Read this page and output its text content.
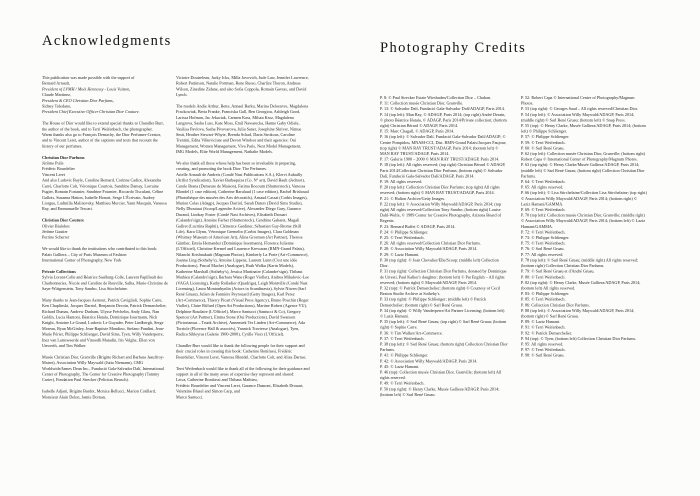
Acknowledgments
This publication was made possible with the support of
Bernard Arnault,
President of LVMH / Moët Hennessy - Louis Vuitton,
Claude Martinez,
President & CEO Christian Dior Parfums,
Sidney Toledano,
President Chief Executive Officer Christian Dior Couture.
The House of Dior would like to extend special thanks to Chandler Burr, the author of the book, and to Terri Weifenbach, the photographer.
Warm thanks also go to François Demachy, the Dior Perfumer-Creator, and to Vincent Leret, author of the captions and texts that recount the history of our perfumes.
Christian Dior Parfums
Jérôme Pulis
Frédéric Bourdelier
Vincent Leret
And also Ludovic Bayle, Caroline Bernard, Corinne Cadiot, Alexandra Carré, Charlotte Colt, Véronique Courtois, Sandrine Damay, Lorraine Fugier, Romain Fortanier, Sandrine Fournier, Riccardo Tisculani, Céline Gallois, Susanna Hatton, Isabelle Honart, Serge L'Écrivain, Audrey Liorgue, Ludmilla Malinovsky, Matthieu Mercier, Yann Masquin, Vanessa Ray, and Emmanuelle Tescari.
Christian Dior Couture
Olivier Bialobos
Jérôme Gautier
Perrine Scherrer
We would like to thank the institutions who contributed to this book:
Palais Galliera – City of Paris Museum of Fashion
International Center of Photography, New York
Private Collections
Sylvia Lorant-Colle and Béatrice Saalburg-Colle, Laurent Papillault des Charbonneries, Nicole and Caroline de Rouville, Salha, Marie-Christine de Sayn-Wittgenstein, Tony Sandro, Lisa Stirchelaine.
Many thanks to Jean-Jacques Aernout, Patrick Caviglioli, Sophie Carre, Ken Chaplinski, Jacques Darriol, Benjamin Decoin, Patrick Demarchelier, Richard Dumas, Andrew Durham, Ulysse Fréchelin, Andy Glass, Nan Goldin, Lucia Hantoni, Béatrice Hatala, Dominique Issermann, Nick Knight, Antoine Le Grand, Ludovic Le Guyader, Peter Lindbergh, Serge Moreau, Ryan McGinley, Jean-Baptiste Mondino, Stefano Pandini, Jean-Marie Périer, Philippe Schlienger, David Sims, Tyen, Willy Vanderperre, Inez van Lamsweerde and Vinoodh Matadin, Iris Velghe, Ellen von Unwerth, and Tim Walker.
Musée Christian Dior, Granville (Brigitte Richart and Barbara Jeauffroy-Mairet), Association Willy Maywald (Jutta Niemann), CMG Worldwide/James Dean Inc., Fundació Gala-Salvador Dalí, International Center of Photography, The Center for Creative Photography (Tammy Carter), Fondation Paul Strecker (Felicitas Reusch).
Isabelle Adjani, Brigitte Bardot, Monica Bellucci, Marion Cotillard, Monsieur Alain Delon, Jamie Dornan,
Victoire Doutreleau, Jacky Ickx, Milla Jovovich, Jude Law, Jennifer Lawrence, Robert Pattinson, Natalie Portman, Rene Russo, Charlize Theron, Andreas Wilson, Zinedine Zidane, and also Sofia Coppola, Romain Gavras, and David Lynch.
The models Andie Arthur, Bette, Annael Barku, Marina Deloeuvre, Magdalena Frackowiak, Berta Franke, Franciska Gall, Ben Georgiou, Ashleigh Good, Larissa Hofman, Jac Jekaciak, Carmen Kass, Miluta Kroz, Magdalena Langrova, Sasha Luss, Kate Moss, Emil Nawarecka, Hanne Gaby Odiele, Vasilisa Pavlova, Sasha Pivovarova, Julia Saner, Josephine Skriver, Nimue Smit, Heather Stewart-Whyte, Brenda Schad, Daria Strokous, Caroline Trentini, Edita Vilkeviciute and Devon Windsor and their agencies: Oui Management, Women Management, Viva Paris, Next Model Management, IMG Models, Elite World Management, Nathalie Models.
We also thank all those whose help has been so invaluable in preparing, creating, and promoting the book Dior: The Perfumes.
Arielle Arnault de Andreis (Condé Nast Publications S.A.), Klervi Aubailly (Artlist Syndication), Xavier Barbaquiza (Co. N° art), David Bault (Jedroot), Carole Brana (Demeure de Maison), Fatima Bocoum (Shutterstock), Vanessa Blondel (1 case edition), Catherine Barulaud (1 case edition), Rachel Brishoual (Photothèque des musées des Arts décoratifs), Arnaud Cassat (Corbis Images), Marion Colas (Adagp), Jacques Darriol, Sarah Duters (David Sims Studio), Nelly Dhoutaut (Scoop/Legendre Active), Alexander Diego Gary, Garance Durand, Lindsay Foster (Condé Nast Archives), Elisabeth Drouart (Calandre'sign), Antoine Farber (Shutterstock), Cendrine Gabaret, Magali Gallret (Lucrtina Raphti), Clémence Gardiner, Sébastien Guy-Brome (Still Life), Kara Glynn, Véronique Gremelin (Corbis Images), Clara Goldman (Whitney Museum of American Art), Alina Grosman (Art Partner), Therese Günther, Emria Hernandez (Dominique Issermann), Florence Julienne (L'Officiel), Christine Kermel and Laurence Krewaran (RMN-Grand Palais), Nilanchi Krishnakutti (Magnum Photos), Kimberly La Porte (Art+Commerce), Joanna Ling (Sotheby's), Antoine Lippens, Laurent Lunn (C'est une idée Productions), Pascal Machet (Analogue), Ruth Walku (Karin Models), Katherine Marshall (Sotheby's), Jessica Martinaire (Calandre'sign), Thibaut Mathieu (Calandre'sign), Barbara Wane (Roger Viollet), Andrea Mihalovic-Lee (VAGA Licensing), Kathy Rolladier (Quadriga), Leigh Montville (Condé Nast Licensing), Laura Montonbynlin (Actors in Scandinavia), Sylvie Niwen (Sarl René Gruau), Julien de Fannière Peyrouard (Getty Images), Karl Perez (Art+Commerce), Thierry Picart (Visual Press Agency), Bruno Pouchin (Roger Viollet), Claire Riffard (Open Art Productions), Martine Robert (Agence VU), Delphine Roudaire (L'Officiel), Marco Santucci (Santucci & Co), Gregory Spencer (Art Partner), Emma Stone (Oui Productions), David Swanson (Pictoriamus – Trunk Archive), Annemiek Ter Linden (Art+Commerce), Ada Torriole (Florence Hall & associés), Yannick Traviesse (Analogue), Tyen, Radica Sibleyras (Galerie 1900-2000), Cyrille Viers (L'Officiel).
Chandler Burr would like to thank the following people for their support and their crucial roles in creating this book: Catherine Bonifassi, Frédéric Bourdelier, Vincent Leret, Vanessa Blondel, Charlotte Colt, and Aliza Darnac.
Terri Weifenbach would like to thank all of the following for their guidance and support in all of the many areas of expertise they represent and shared:
Leica, Catherine Bonifassi and Thibaut Mathieu,
Frédéric Bourdelier and Vincent Leret, Garance Dumont, Elisabeth Drouart, Valentine Blazel and Simon Carp, and
Marco Santucci.
Photography Credits

P. 8: © Paul Strecker Estate Wiesbaden/Collection Dior – Chaban.

P. 11: Collection musée Christian Dior, Granville.

P. 13: © Salvador Dalí, Fundació Gala-Salvador Dalí/ADAGP, Paris 2014.

P. 14 (top left): Man Ray, © ADAGP, Paris 2014; (top right) André Derain, © photo Béatrice Hatala, © ADAGP, Paris 2014/Private collection; (bottom right) Christian Bérard © ADAGP, Paris 2014.

P. 15: Marc Chagall, © ADAGP, Paris 2014.

P. 16 (top left): © Salvador Dalí, Fundació Gala-Salvador Dalí/ADAGP; © Centre Pompidou, MNAM-CCI, Dist. RMN-Grand Palais/Jacques Faujour; (top right) © MAN RAY TRUST/ADAGP, Paris 2014; (bottom left) © MAN RAY TRUST/ADAGP, Paris 2014.

P. 17: Galerie 1900 – 2000 © MAN RAY TRUST/ADAGP, Paris 2014.

P. 18 (top left): All rights reserved; (top right) Christian Bérard © ADAGP, Paris 2014/Collection Christian Dior Parfums; (bottom right) © Salvador Dalí, Fundació Gala-Salvador Dalí/ADAGP, Paris 2014.

P. 19: All rights reserved.

P. 20 (top left): Collection Christian Dior Parfums; (top right) All rights reserved; (bottom right) © MAN RAY TRUST/ADAGP, Paris 2014.

P. 21: © Hulton Archive/Getty Images.

P. 22 (top left): © Association Willy Maywald/ADAGP, Paris 2014; (top right) All rights reserved/Collection Tony Sandro; (bottom right) Louise Dahl-Wolfe, © 1989 Center for Creative Photography, Arizona Board of Regents.

P. 23: Bernard Buffet © ADAGP, Paris 2014.

P. 24: © Philippe Schlienger.

P. 25: © Terri Weifenbach.

P. 26: All rights reserved/Collection Christian Dior Parfums.

P. 28: © Association Willy Maywald/ADAGP, Paris 2014.

P. 29: © Laziz Hamani.

P. 30 (top right): © Jean Chevalier/Elle/Scoop; (middle left) Collection Dior.

P. 31 (top right): Collection Christian Dior Parfums, donated by Dominique de Urresti, Paul Kalker's daughter; (bottom left) © Pat English – All rights reserved; (bottom right) © Maywald/ADAGP, Paris 2014.

P. 32 (top): © Patrick Demarchelier; (bottom right) © Courtesy of Cecil Beaton Studio Archive at Sotheby's.

P. 33 (top right): © Philippe Schlienger; (middle left) © Patrick Demarchelier; (bottom right) © Sarl René Gruau.

P. 34 (top right): © Willy Vanderperre/Art Partner Licensing; (bottom left) © Laziz Hamani.

P. 35 (top left): © Sarl René Gruau; (top right) © Sarl René Gruau; (bottom right) © Sophie Carre.

P. 36: © Tim Walker/Art+Commerce.

P. 37: © Terri Weifenbach.

P. 38 (top left): © Sarl René Gruau; (bottom right) Collection Christian Dior Parfums.

P. 41: © Philippe Schlienger.

P. 42: © Association Willy Maywald/ADAGP, Paris 2014.

P. 45: © Laziz Hamani.

P. 46 (top): Collection musée Christian Dior, Granville; (bottom left) All rights reserved.

P. 49: © Terri Weifenbach.

P. 50 (top right): © Henry Clarke, Musée Galliera/ADAGP, Paris 2014; (bottom left) © Sarl René Gruau.

P. 52: Robert Capa © International Center of Photography/Magnum Photos.

P. 53 (top right): © Georges Saad – All rights reserved/Christian Dior.

P. 54 (top left): © Association Willy Maywald/ADAGP, Paris 2014; (middle right) © Sarl René Gruau; (bottom left) © Snap Press.

P. 55 (top): © Henry Clarke, Musée Galliera/ADAGP, Paris 2014; (bottom left) © Philippe Schlienger.

P. 57: © Philippe Schlienger.

P. 59: © Terri Weifenbach.

P. 60: © Sarl René Gruau.

P. 62 (top left): Collection musée Christian Dior, Granville; (bottom right) Robert Capa © International Center of Photography/Magnum Photos.

P. 63 (top right): © Henry Clarke/Musée Galliera/ADAGP, Paris 2014; (middle left) © Sarl René Gruau; (bottom right) Collection Christian Dior Parfums.

P. 64: © Terri Weifenbach.

P. 65: All rights reserved.

P. 66 (top left): © Lisa Stirchelaine/Collection Lisa Stirchelaine; (top right) © Association Willy Maywald/ADAGP, Paris 2014; (bottom right) © Laziz Hamani/GAMMA.

P. 69: © Terri Weifenbach.

P. 70 (top left): Collection musée Christian Dior, Granville; (middle right) © Association Willy Maywald/ADAGP, Paris 2014; (bottom left) © Laziz Hamani/GAMMA.

P. 72: © Terri Weifenbach.

P. 73: © Philippe Schlienger.

P. 75: © Terri Weifenbach.

P. 76: © Sarl René Gruau.

P. 77: All rights reserved.

P. 78 (top left): © Sarl René Gruau; (middle right) All rights reserved; (bottom right) Collection Christian Dior Parfums.

P. 79: © Sarl René Gruau et d'André Gruau.

P. 80: © Terri Weifenbach.

P. 82 (top right): © Henry Clarke, Musée Galliera/ADAGP, Paris 2014; (bottom left) All rights reserved.

P. 83: © Philippe Schlienger.

P. 85: © Terri Weifenbach.

P. 86: Collection Christian Dior Parfums.

P. 88 (top left): © Association Willy Maywald/ADAGP, Paris 2014; (bottom right) © Sarl René Gruau.

P. 89: © Laziz Hamani.

P. 91: © Terri Weifenbach.

P. 92: © Patrick Demarchelier.

P. 94 (top): © Tyen; (bottom left) Collection Christian Dior Parfums.

P. 95: All rights reserved.

P. 97: © Terri Weifenbach.

P. 98: © Sarl René Gruau.
